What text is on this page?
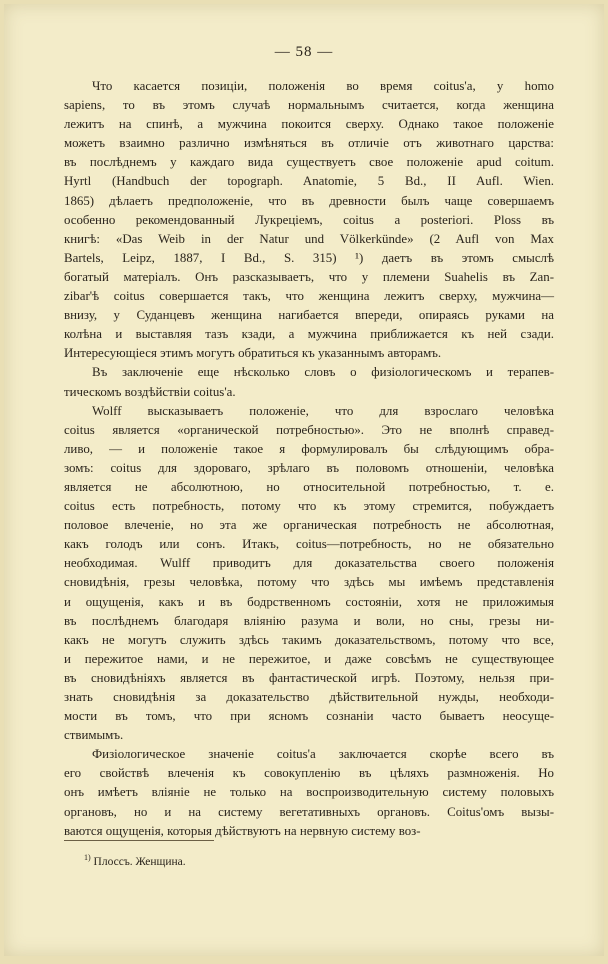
— 58 —
Что касается позиціи, положенія во время coitus'а, у homo
sapiens, то въ этомъ случаѣ нормальнымъ считается, когда женщина
лежитъ на спинѣ, а мужчина покоится сверху. Однако такое положеніе
можетъ взаимно различно измѣняться въ отличіе отъ животнаго царства:
въ послѣднемъ у каждаго вида существуетъ свое положеніе apud coitum.
Hyrtl (Handbuch der topograph. Anatomie, 5 Bd., II Aufl. Wien.
1865) дѣлаетъ предположеніе, что въ древности былъ чаще совершаемъ
особенно рекомендованный Лукреціемъ, coitus a posteriori. Ploss въ
книгѣ: «Das Weib in der Natur und Völkerkünde» (2 Aufl von Max
Bartels, Leipz, 1887, I Bd., S. 315) ¹) даетъ въ этомъ смыслѣ
богатый матеріалъ. Онъ разсказываетъ, что у племени Suahelis въ Zan-
zibar'ѣ coitus совершается такъ, что женщина лежитъ сверху, мужчина—
внизу, у Суданцевъ женщина нагибается впереди, опираясь руками на
колѣна и выставляя тазъ кзади, а мужчина приближается къ ней сзади.
Интересующіеся этимъ могутъ обратиться къ указаннымъ авторамъ.
Въ заключеніе еще нѣсколько словъ о физіологическомъ и терапев-
тическомъ воздѣйствіи coitus'а.
Wolff высказываетъ положеніе, что для взрослаго человѣка
coitus является «органической потребностью». Это не вполнѣ справед-
ливо, — и положеніе такое я формулировалъ бы слѣдующимъ обра-
зомъ: coitus для здороваго, зрѣлаго въ половомъ отношеніи, человѣка
является не абсолютною, но относительной потребностью, т. е.
coitus есть потребность, потому что къ этому стремится, побуждаетъ
половое влеченіе, но эта же органическая потребность не абсолютная,
какъ голодъ или сонъ. Итакъ, coitus—потребность, но не обязательно
необходимая. Wulff приводитъ для доказательства своего положенія
сновидѣнія, грезы человѣка, потому что здѣсь мы имѣемъ представленія
и ощущенія, какъ и въ бодрственномъ состояніи, хотя не приложимыя
въ послѣднемъ благодаря вліянію разума и воли, но сны, грезы ни-
какъ не могутъ служить здѣсь такимъ доказательствомъ, потому что все,
и пережитое нами, и не пережитое, и даже совсѣмъ не существующее
въ сновидѣніяхъ является въ фантастической игрѣ. Поэтому, нельзя при-
знать сновидѣнія за доказательство дѣйствительной нужды, необходи-
мости въ томъ, что при ясномъ сознаніи часто бываетъ неосуще-
ствимымъ.
Физіологическое значеніе coitus'а заключается скорѣе всего въ
его свойствѣ влеченія къ совокупленію въ цѣляхъ размноженія. Но
онъ имѣетъ вліяніе не только на воспроизводительную систему половыхъ
органовъ, но и на систему вегетативныхъ органовъ. Coitus'омъ вызы-
ваются ощущенія, которыя дѣйствуютъ на нервную систему воз-
$^{1)}$ Плоссъ. Женщина.
